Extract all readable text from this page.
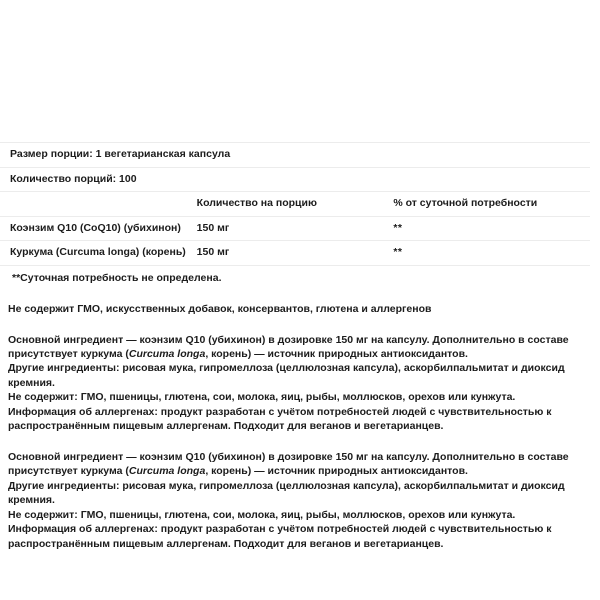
Размер порции: 1 вегетарианская капсула		
Количество порций: 100		
	Количество на порцию	% от суточной потребности
Коэнзим Q10 (CoQ10) (убихинон)	150 мг	**
Куркума (Curcuma longa) (корень)	150 мг	**
**Суточная потребность не определена.
Не содержит ГМО, искусственных добавок, консервантов, глютена и аллергенов

Основной ингредиент — коэнзим Q10 (убихинон) в дозировке 150 мг на капсулу. Дополнительно в составе присутствует куркума (Curcuma longa, корень) — источник природных антиоксидантов.

Другие ингредиенты: рисовая мука, гипромеллоза (целлюлозная капсула), аскорбилпальмитат и диоксид кремния.

Не содержит: ГМО, пшеницы, глютена, сои, молока, яиц, рыбы, моллюсков, орехов или кунжута.

Информация об аллергенах: продукт разработан с учётом потребностей людей с чувствительностью к распространённым пищевым аллергенам. Подходит для веганов и вегетарианцев.

Основной ингредиент — коэнзим Q10 (убихинон) в дозировке 150 мг на капсулу. Дополнительно в составе присутствует куркума (Curcuma longa, корень) — источник природных антиоксидантов.

Другие ингредиенты: рисовая мука, гипромеллоза (целлюлозная капсула), аскорбилпальмитат и диоксид кремния.

Не содержит: ГМО, пшеницы, глютена, сои, молока, яиц, рыбы, моллюсков, орехов или кунжута.

Информация об аллергенах: продукт разработан с учётом потребностей людей с чувствительностью к распространённым пищевым аллергенам. Подходит для веганов и вегетарианцев.
